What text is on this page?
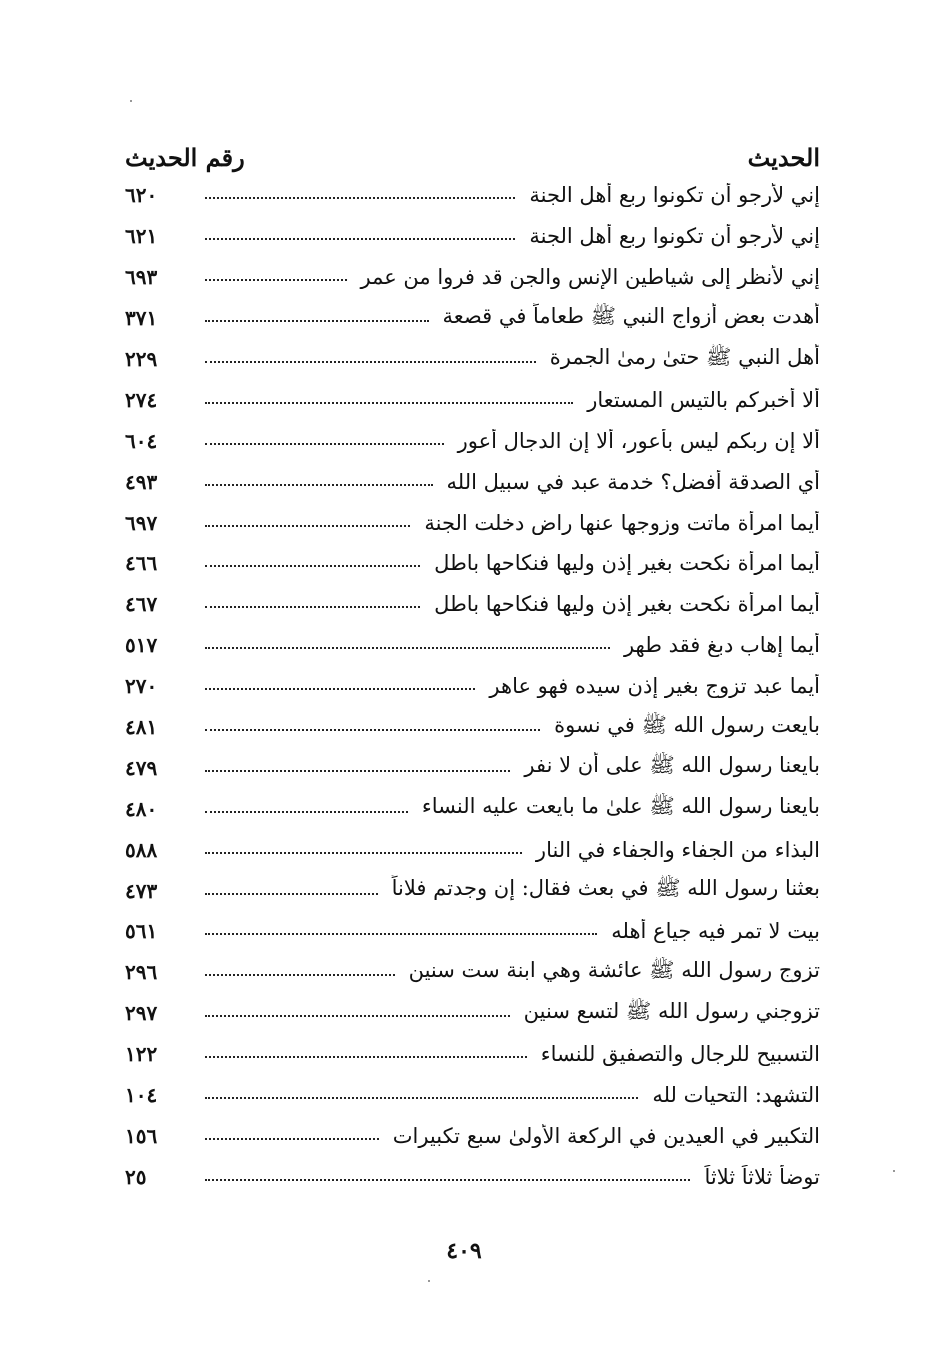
الحديث
رقم الحديث
إني لأرجو أن تكونوا ربع أهل الجنة
٦٢٠
إني لأرجو أن تكونوا ربع أهل الجنة
٦٢١
إني لأنظر إلى شياطين الإنس والجن قد فروا من عمر
٦٩٣
أهدت بعض أزواج النبي ﷺ طعاماً في قصعة
٣٧١
أهل النبي ﷺ حتىٰ رمىٰ الجمرة
٢٢٩
ألا أخبركم بالتيس المستعار
٢٧٤
ألا إن ربكم ليس بأعور، ألا إن الدجال أعور
٦٠٤
أي الصدقة أفضل؟ خدمة عبد في سبيل الله
٤٩٣
أيما امرأة ماتت وزوجها عنها راض دخلت الجنة
٦٩٧
أيما امرأة نكحت بغير إذن وليها فنكاحها باطل
٤٦٦
أيما امرأة نكحت بغير إذن وليها فنكاحها باطل
٤٦٧
أيما إهاب دبغ فقد طهر
٥١٧
أيما عبد تزوج بغير إذن سيده فهو عاهر
٢٧٠
بايعت رسول الله ﷺ في نسوة
٤٨١
بايعنا رسول الله ﷺ على أن لا نفر
٤٧٩
بايعنا رسول الله ﷺ علىٰ ما بايعت عليه النساء
٤٨٠
البذاء من الجفاء والجفاء في النار
٥٨٨
بعثنا رسول الله ﷺ في بعث فقال: إن وجدتم فلاناً
٤٧٣
بيت لا تمر فيه جياع أهله
٥٦١
تزوج رسول الله ﷺ عائشة وهي ابنة ست سنين
٢٩٦
تزوجني رسول الله ﷺ لتسع سنين
٢٩٧
التسبيح للرجال والتصفيق للنساء
١٢٢
التشهد: التحيات لله
١٠٤
التكبير في العيدين في الركعة الأولىٰ سبع تكبيرات
١٥٦
توضأ ثلاثاً ثلاثاً
٢٥
٤٠٩
